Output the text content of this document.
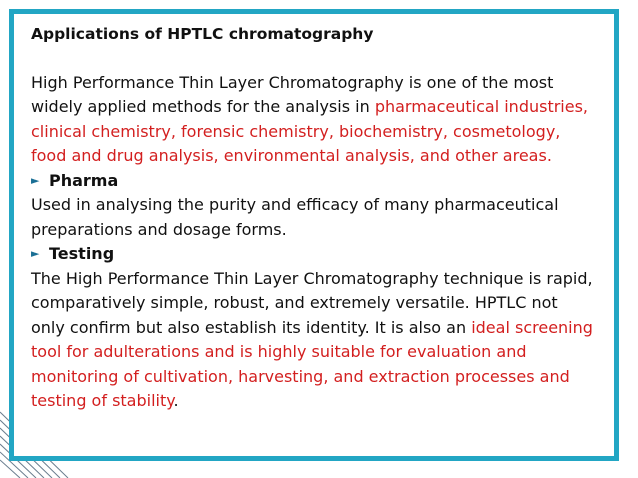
Applications of HPTLC chromatography

High Performance Thin Layer Chromatography is one of the most widely applied methods for the analysis in pharmaceutical industries, clinical chemistry, forensic chemistry, biochemistry, cosmetology, food and drug analysis, environmental analysis, and other areas.

► Pharma

Used in analysing the purity and efficacy of many pharmaceutical preparations and dosage forms.

► Testing

The High Performance Thin Layer Chromatography technique is rapid, comparatively simple, robust, and extremely versatile. HPTLC not only confirm but also establish its identity. It is also an ideal screening tool for adulterations and is highly suitable for evaluation and monitoring of cultivation, harvesting, and extraction processes and testing of stability.
